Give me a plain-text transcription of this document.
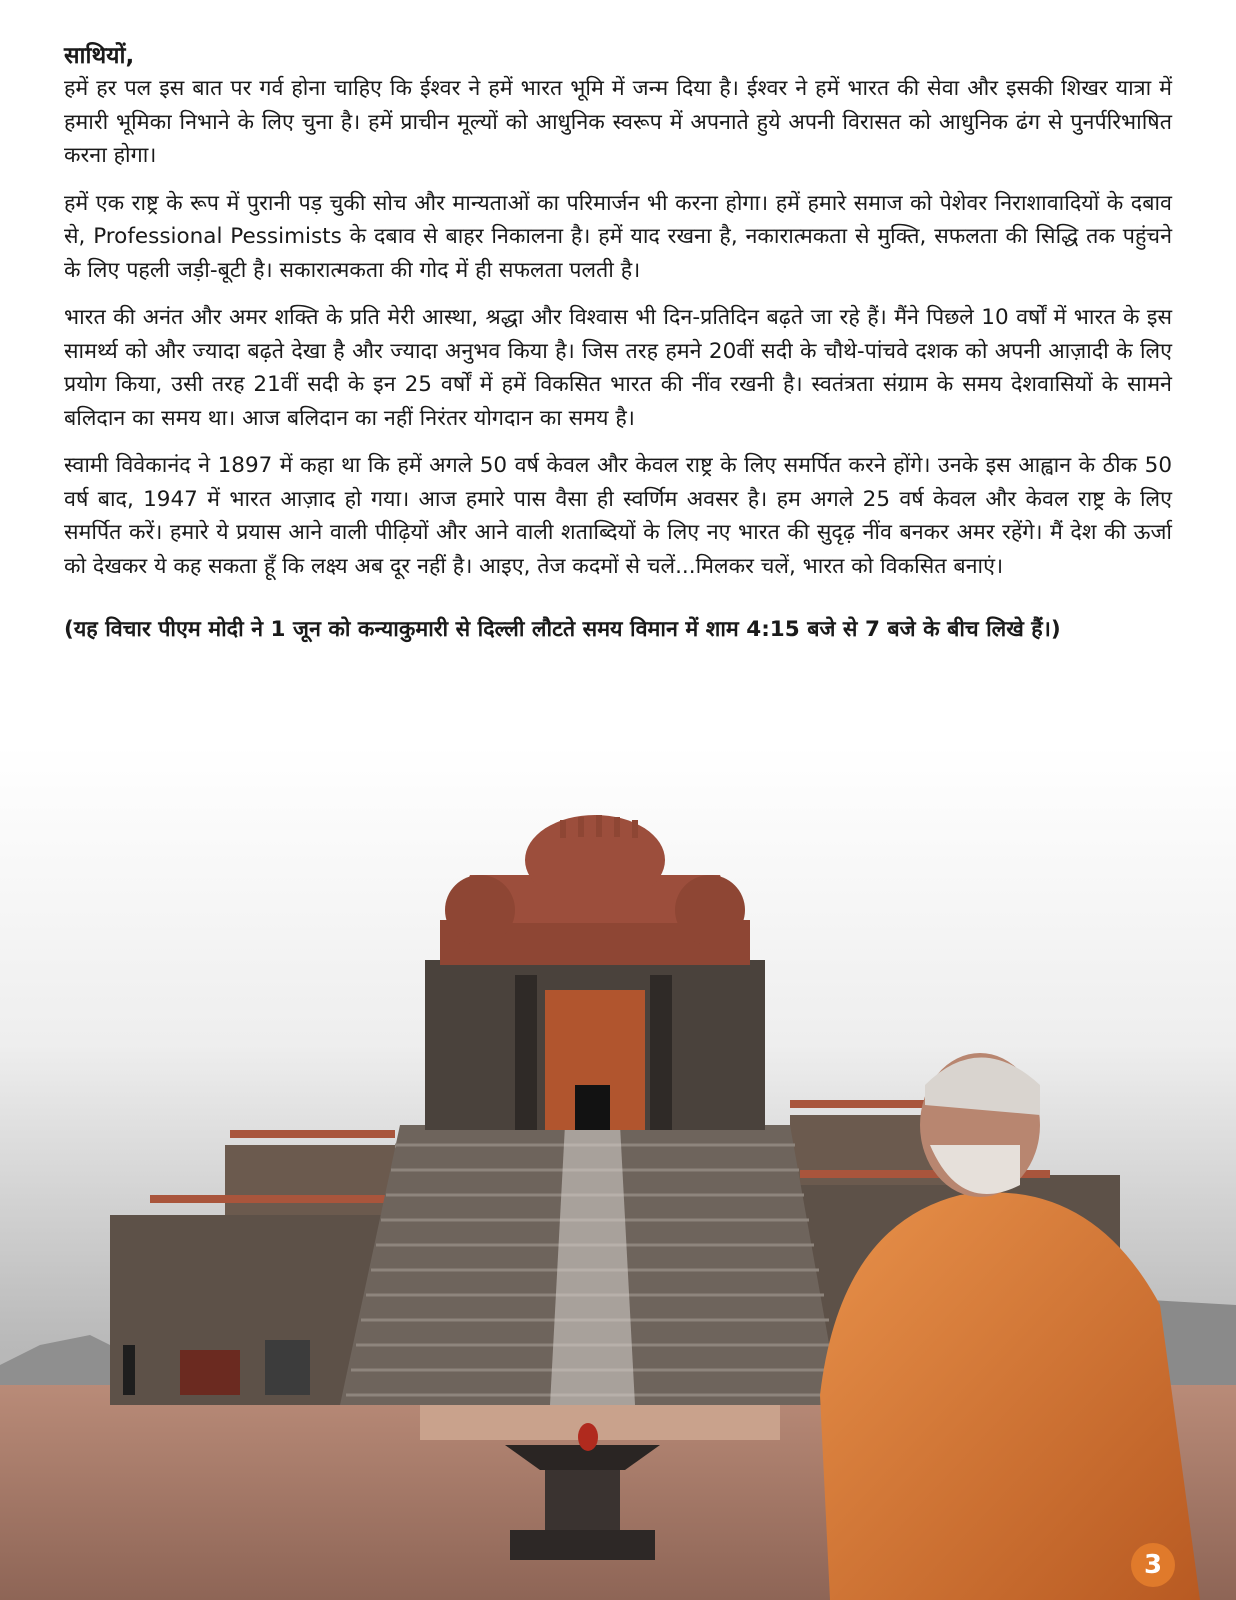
साथियों,

हमें हर पल इस बात पर गर्व होना चाहिए कि ईश्वर ने हमें भारत भूमि में जन्म दिया है। ईश्वर ने हमें भारत की सेवा और इसकी शिखर यात्रा में हमारी भूमिका निभाने के लिए चुना है। हमें प्राचीन मूल्यों को आधुनिक स्वरूप में अपनाते हुये अपनी विरासत को आधुनिक ढंग से पुनर्परिभाषित करना होगा।

हमें एक राष्ट्र के रूप में पुरानी पड़ चुकी सोच और मान्यताओं का परिमार्जन भी करना होगा। हमें हमारे समाज को पेशेवर निराशावादियों के दबाव से, Professional Pessimists के दबाव से बाहर निकालना है। हमें याद रखना है, नकारात्मकता से मुक्ति, सफलता की सिद्धि तक पहुंचने के लिए पहली जड़ी-बूटी है। सकारात्मकता की गोद में ही सफलता पलती है।

भारत की अनंत और अमर शक्ति के प्रति मेरी आस्था, श्रद्धा और विश्वास भी दिन-प्रतिदिन बढ़ते जा रहे हैं। मैंने पिछले 10 वर्षों में भारत के इस सामर्थ्य को और ज्यादा बढ़ते देखा है और ज्यादा अनुभव किया है। जिस तरह हमने 20वीं सदी के चौथे-पांचवे दशक को अपनी आज़ादी के लिए प्रयोग किया, उसी तरह 21वीं सदी के इन 25 वर्षों में हमें विकसित भारत की नींव रखनी है। स्वतंत्रता संग्राम के समय देशवासियों के सामने बलिदान का समय था। आज बलिदान का नहीं निरंतर योगदान का समय है।

स्वामी विवेकानंद ने 1897 में कहा था कि हमें अगले 50 वर्ष केवल और केवल राष्ट्र के लिए समर्पित करने होंगे। उनके इस आह्वान के ठीक 50 वर्ष बाद, 1947 में भारत आज़ाद हो गया। आज हमारे पास वैसा ही स्वर्णिम अवसर है। हम अगले 25 वर्ष केवल और केवल राष्ट्र के लिए समर्पित करें। हमारे ये प्रयास आने वाली पीढ़ियों और आने वाली शताब्दियों के लिए नए भारत की सुदृढ़ नींव बनकर अमर रहेंगे। मैं देश की ऊर्जा को देखकर ये कह सकता हूँ कि लक्ष्य अब दूर नहीं है। आइए, तेज कदमों से चलें...मिलकर चलें, भारत को विकसित बनाएं।

(यह विचार पीएम मोदी ने 1 जून को कन्याकुमारी से दिल्ली लौटते समय विमान में शाम 4:15 बजे से 7 बजे के बीच लिखे हैं।)

3
